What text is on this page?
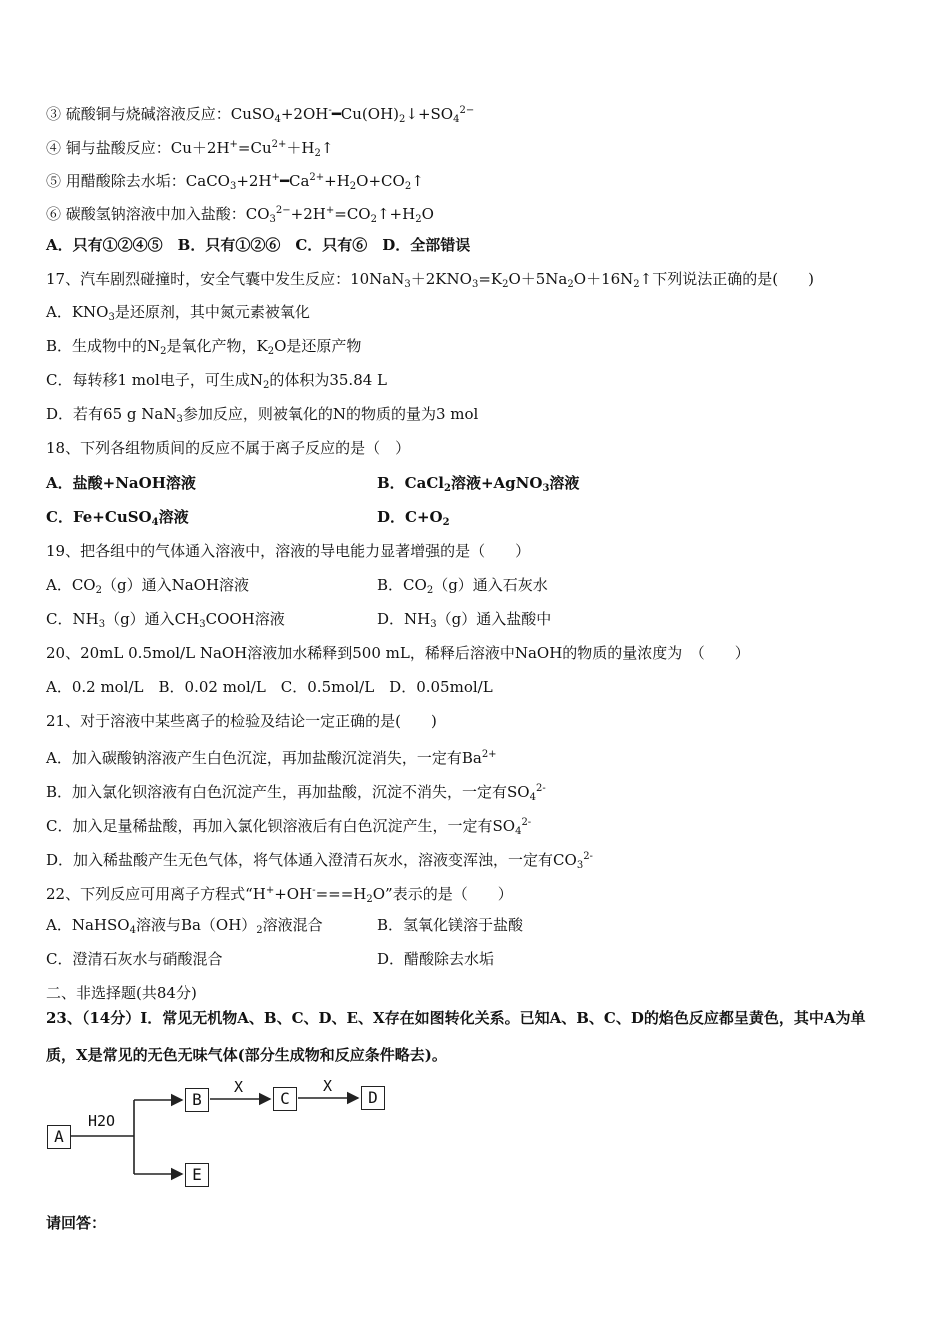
③ 硫酸铜与烧碱溶液反应：$CuSO_4+2OH^-━Cu(OH)_2↓+SO_4^{2-}$
④ 铜与盐酸反应：$Cu+2H^+=Cu^{2+}+H_2↑$
⑤ 用醋酸除去水垢：$CaCO_3+2H^+━Ca^{2+}+H_2O+CO_2↑$
⑥ 碳酸氢钠溶液中加入盐酸：$CO_3^{2-}+2H^+=CO_2↑+H_2O$
A．只有①②④⑤　B．只有①②⑥　C．只有⑥　D．全部错误
17、汽车剧烈碰撞时，安全气囊中发生反应：$10NaN_3+2KNO_3=K_2O+5Na_2O+16N_2↑$下列说法正确的是(　　)
A．$KNO_3$是还原剂，其中氮元素被氧化
B．生成物中的$N_2$是氧化产物，$K_2O$是还原产物
C．每转移1 mol电子，可生成$N_2$的体积为35.84 L
D．若有65 g NaN$_3$参加反应，则被氧化的N的物质的量为3 mol
18、下列各组物质间的反应不属于离子反应的是（　）
A．盐酸+NaOH溶液	B．CaCl$_2$溶液+AgNO$_3$溶液
C．Fe+CuSO$_4$溶液	D．$C+O_2$
19、把各组中的气体通入溶液中，溶液的导电能力显著增强的是（　　）
A．$CO_2(g)$通入NaOH溶液	B．$CO_2(g)$通入石灰水
C．$NH_3(g)$通入$CH_3COOH$溶液	D．$NH_3(g)$通入盐酸中
20、20mL 0.5mol/L NaOH溶液加水稀释到500 mL，稀释后溶液中NaOH的物质的量浓度为　（　　）
A．0.2 mol/L　B．0.02 mol/L　C．0.5mol/L　D．0.05mol/L
21、对于溶液中某些离子的检验及结论一定正确的是(　　)
A．加入碳酸钠溶液产生白色沉淀，再加盐酸沉淀消失，一定有$Ba^{2+}$
B．加入氯化钡溶液有白色沉淀产生，再加盐酸，沉淀不消失，一定有$SO_4^{2-}$
C．加入足量稀盐酸，再加入氯化钡溶液后有白色沉淀产生，一定有$SO_4^{2-}$
D．加入稀盐酸产生无色气体，将气体通入澄清石灰水，溶液变浑浊，一定有$CO_3^{2-}$
22、下列反应可用离子方程式“$H^++OH^-===H_2O$”表示的是（　　）
A．NaHSO$_4$溶液与$Ba(OH)_2$溶液混合	B．氢氧化镁溶于盐酸
C．澄清石灰水与硝酸混合	D．醋酸除去水垢
二、非选择题(共84分)
23、（14分）I．常见无机物A、B、C、D、E、X存在如图转化关系。已知A、B、C、D的焰色反应都呈黄色，其中A为单
质，X是常见的无色无味气体(部分生成物和反应条件略去)。
A
B	C	D
E
H2O
X	X
请回答：
